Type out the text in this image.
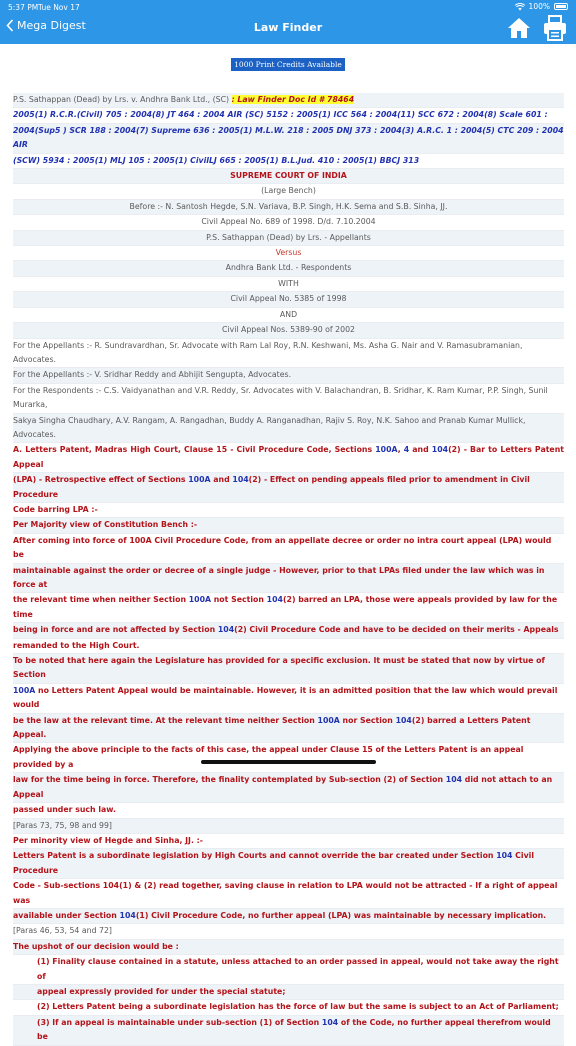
5:37 PM Tue Nov 17	100%
Mega Digest	Law Finder
1000 Print Credits Available
P.S. Sathappan (Dead) by Lrs. v. Andhra Bank Ltd., (SC) : Law Finder Doc Id # 78464
2005(1) R.C.R.(Civil) 705 : 2004(8) JT 464 : 2004 AIR (SC) 5152 : 2005(1) ICC 564 : 2004(11) SCC 672 : 2004(8) Scale 601 :
2004(Sup5 ) SCR 188 : 2004(7) Supreme 636 : 2005(1) M.L.W. 218 : 2005 DNJ 373 : 2004(3) A.R.C. 1 : 2004(5) CTC 209 : 2004 AIR
(SCW) 5934 : 2005(1) MLJ 105 : 2005(1) CivilLJ 665 : 2005(1) B.L.Jud. 410 : 2005(1) BBCJ 313
SUPREME COURT OF INDIA
(Large Bench)
Before :- N. Santosh Hegde, S.N. Variava, B.P. Singh, H.K. Sema and S.B. Sinha, JJ.
Civil Appeal No. 689 of 1998. D/d. 7.10.2004
P.S. Sathappan (Dead) by Lrs. - Appellants
Versus
Andhra Bank Ltd. - Respondents
WITH
Civil Appeal No. 5385 of 1998
AND
Civil Appeal Nos. 5389-90 of 2002
For the Appellants :- R. Sundravardhan, Sr. Advocate with Ram Lal Roy, R.N. Keshwani, Ms. Asha G. Nair and V. Ramasubramanian, Advocates.
For the Appellants :- V. Sridhar Reddy and Abhijit Sengupta, Advocates.
For the Respondents :- C.S. Vaidyanathan and V.R. Reddy, Sr. Advocates with V. Balachandran, B. Sridhar, K. Ram Kumar, P.P. Singh, Sunil Murarka,
Sakya Singha Chaudhary, A.V. Rangam, A. Rangadhan, Buddy A. Ranganadhan, Rajiv S. Roy, N.K. Sahoo and Pranab Kumar Mullick, Advocates.
A. Letters Patent, Madras High Court, Clause 15 - Civil Procedure Code, Sections 100A, 4 and 104(2) - Bar to Letters Patent Appeal
(LPA) - Retrospective effect of Sections 100A and 104(2) - Effect on pending appeals filed prior to amendment in Civil Procedure
Code barring LPA :-
Per Majority view of Constitution Bench :-
After coming into force of 100A Civil Procedure Code, from an appellate decree or order no intra court appeal (LPA) would be
maintainable against the order or decree of a single judge - However, prior to that LPAs filed under the law which was in force at
the relevant time when neither Section 100A not Section 104(2) barred an LPA, those were appeals provided by law for the time
being in force and are not affected by Section 104(2) Civil Procedure Code and have to be decided on their merits - Appeals
remanded to the High Court.
To be noted that here again the Legislature has provided for a specific exclusion. It must be stated that now by virtue of Section
100A no Letters Patent Appeal would be maintainable. However, it is an admitted position that the law which would prevail would
be the law at the relevant time. At the relevant time neither Section 100A nor Section 104(2) barred a Letters Patent Appeal.
Applying the above principle to the facts of this case, the appeal under Clause 15 of the Letters Patent is an appeal provided by a
law for the time being in force. Therefore, the finality contemplated by Sub-section (2) of Section 104 did not attach to an Appeal
passed under such law.
[Paras 73, 75, 98 and 99]
Per minority view of Hegde and Sinha, JJ. :-
Letters Patent is a subordinate legislation by High Courts and cannot override the bar created under Section 104 Civil Procedure
Code - Sub-sections 104(1) & (2) read together, saving clause in relation to LPA would not be attracted - If a right of appeal was
available under Section 104(1) Civil Procedure Code, no further appeal (LPA) was maintainable by necessary implication.
[Paras 46, 53, 54 and 72]
The upshot of our decision would be :
(1) Finality clause contained in a statute, unless attached to an order passed in appeal, would not take away the right of
appeal expressly provided for under the special statute;
(2) Letters Patent being a subordinate legislation has the force of law but the same is subject to an Act of Parliament;
(3) If an appeal is maintainable under sub-section (1) of Section 104 of the Code, no further appeal therefrom would be
